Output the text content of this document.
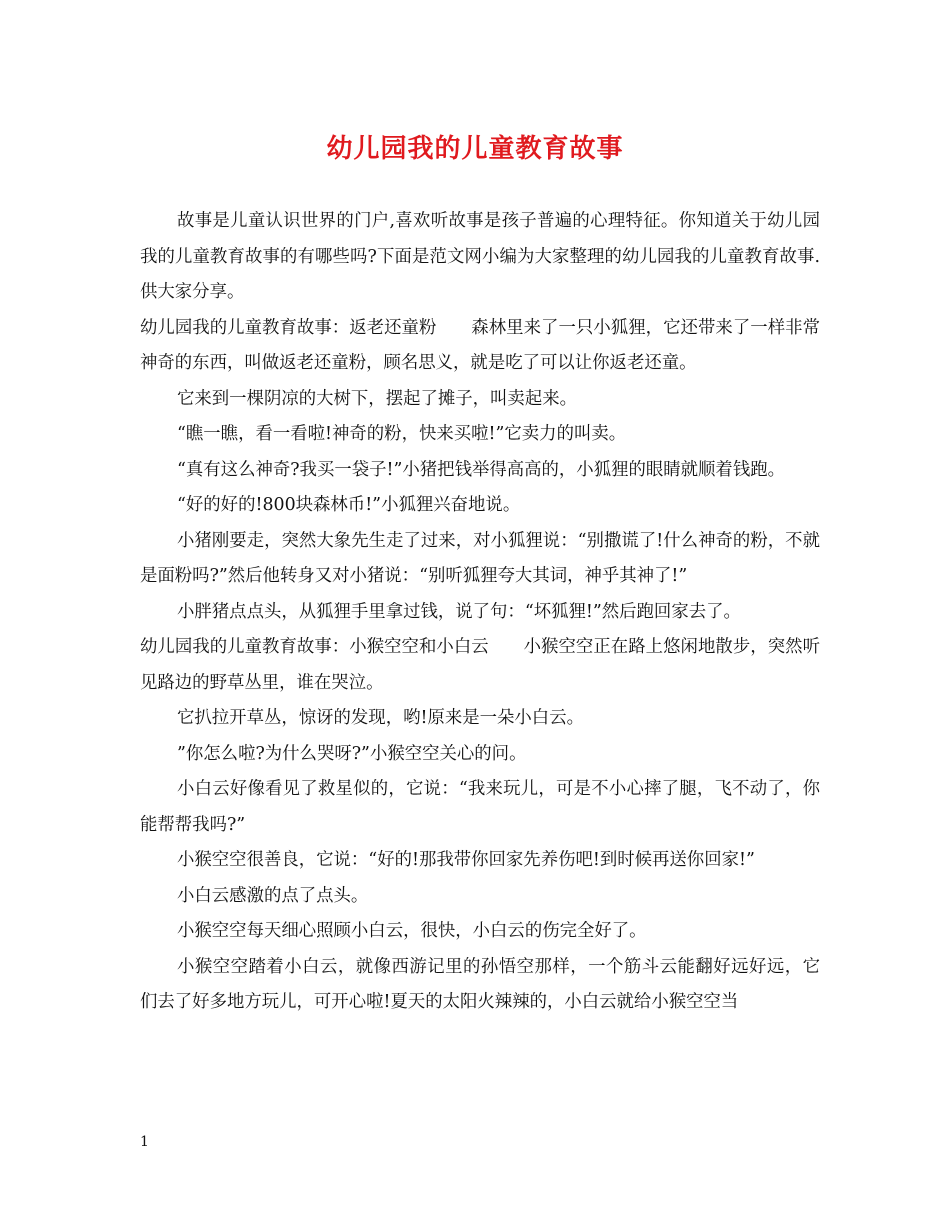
幼儿园我的儿童教育故事

故事是儿童认识世界的门户,喜欢听故事是孩子普遍的心理特征。你知道关于幼儿园我的儿童教育故事的有哪些吗?下面是范文网小编为大家整理的幼儿园我的儿童教育故事.供大家分享。

幼儿园我的儿童教育故事：返老还童粉　　森林里来了一只小狐狸，它还带来了一样非常神奇的东西，叫做返老还童粉，顾名思义，就是吃了可以让你返老还童。

它来到一棵阴凉的大树下，摆起了摊子，叫卖起来。

“瞧一瞧，看一看啦!神奇的粉，快来买啦!”它卖力的叫卖。

“真有这么神奇?我买一袋子!”小猪把钱举得高高的，小狐狸的眼睛就顺着钱跑。

“好的好的!800块森林币!”小狐狸兴奋地说。

小猪刚要走，突然大象先生走了过来，对小狐狸说：“别撒谎了!什么神奇的粉，不就是面粉吗?”然后他转身又对小猪说：“别听狐狸夸大其词，神乎其神了!”

小胖猪点点头，从狐狸手里拿过钱，说了句：“坏狐狸!”然后跑回家去了。

幼儿园我的儿童教育故事：小猴空空和小白云　　小猴空空正在路上悠闲地散步，突然听见路边的野草丛里，谁在哭泣。

它扒拉开草丛，惊讶的发现，哟!原来是一朵小白云。

”你怎么啦?为什么哭呀?”小猴空空关心的问。

小白云好像看见了救星似的，它说：“我来玩儿，可是不小心摔了腿，飞不动了，你能帮帮我吗?”

小猴空空很善良，它说：“好的!那我带你回家先养伤吧!到时候再送你回家!”

小白云感激的点了点头。

小猴空空每天细心照顾小白云，很快，小白云的伤完全好了。

小猴空空踏着小白云，就像西游记里的孙悟空那样，一个筋斗云能翻好远好远，它们去了好多地方玩儿，可开心啦!夏天的太阳火辣辣的，小白云就给小猴空空当

1
